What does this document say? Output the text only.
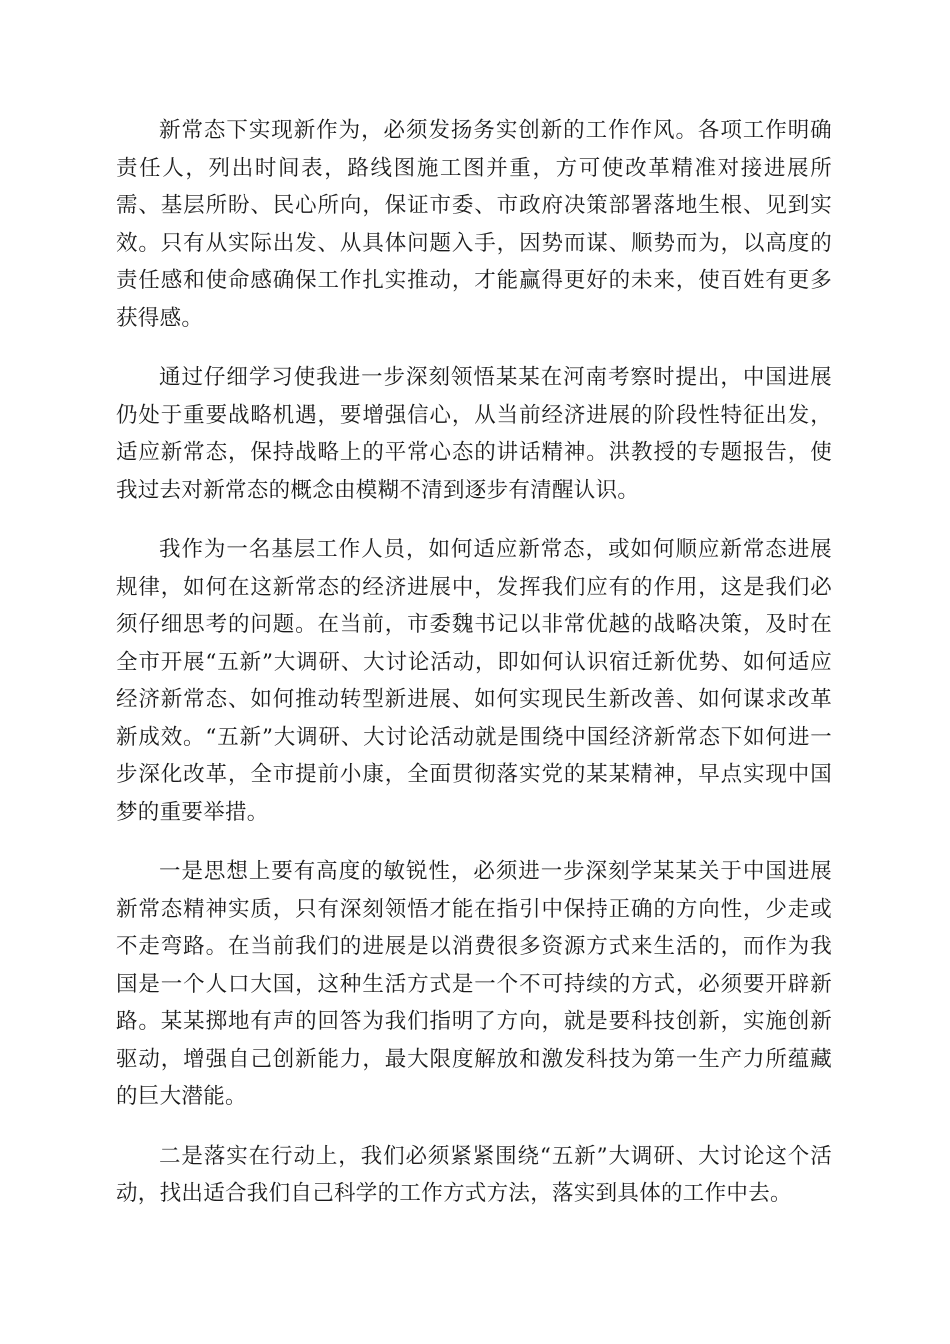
新常态下实现新作为，必须发扬务实创新的工作作风。各项工作明确责任人，列出时间表，路线图施工图并重，方可使改革精准对接进展所需、基层所盼、民心所向，保证市委、市政府决策部署落地生根、见到实效。只有从实际出发、从具体问题入手，因势而谋、顺势而为，以高度的责任感和使命感确保工作扎实推动，才能赢得更好的未来，使百姓有更多获得感。

通过仔细学习使我进一步深刻领悟某某在河南考察时提出，中国进展仍处于重要战略机遇，要增强信心，从当前经济进展的阶段性特征出发，适应新常态，保持战略上的平常心态的讲话精神。洪教授的专题报告，使我过去对新常态的概念由模糊不清到逐步有清醒认识。

我作为一名基层工作人员，如何适应新常态，或如何顺应新常态进展规律，如何在这新常态的经济进展中，发挥我们应有的作用，这是我们必须仔细思考的问题。在当前，市委魏书记以非常优越的战略决策，及时在全市开展“五新”大调研、大讨论活动，即如何认识宿迁新优势、如何适应经济新常态、如何推动转型新进展、如何实现民生新改善、如何谋求改革新成效。“五新”大调研、大讨论活动就是围绕中国经济新常态下如何进一步深化改革，全市提前小康，全面贯彻落实党的某某精神，早点实现中国梦的重要举措。

一是思想上要有高度的敏锐性，必须进一步深刻学某某关于中国进展新常态精神实质，只有深刻领悟才能在指引中保持正确的方向性，少走或不走弯路。在当前我们的进展是以消费很多资源方式来生活的，而作为我国是一个人口大国，这种生活方式是一个不可持续的方式，必须要开辟新路。某某掷地有声的回答为我们指明了方向，就是要科技创新，实施创新驱动，增强自己创新能力，最大限度解放和激发科技为第一生产力所蕴藏的巨大潜能。

二是落实在行动上，我们必须紧紧围绕“五新”大调研、大讨论这个活动，找出适合我们自己科学的工作方式方法，落实到具体的工作中去。
